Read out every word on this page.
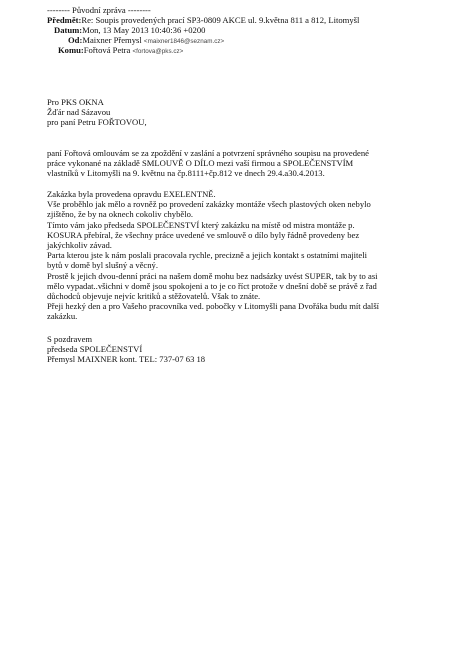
-------- Původní zpráva --------
Předmět:Re: Soupis provedených prací SP3-0809 AKCE ul. 9.května 811 a 812, Litomyšl
Datum:Mon, 13 May 2013 10:40:36 +0200
Od:Maixner Přemysl <maixner1846@seznam.cz>
Komu:Fořtová Petra <fortova@pks.cz>
Pro PKS OKNA
Žďár nad Sázavou
pro paní Petru FOŘTOVOU,
paní Fořtová omlouvám se za zpoždění v zaslání a potvrzení správného soupisu na provedené
práce vykonané na základě SMLOUVĚ O DÍLO mezi vaší firmou a SPOLEČENSTVÍM
vlastníků v Litomyšli na 9. květnu na čp.8111+čp.812 ve dnech 29.4.a30.4.2013.
Zakázka byla provedena opravdu EXELENTNĚ.
Vše proběhlo jak mělo a rovněž po provedení zakázky montáže všech plastových oken nebylo
zjištěno, že by na oknech cokoliv chybělo.
Tímto vám jako předseda SPOLEČENSTVÍ který zakázku na místě od mistra montáže p.
KOSURA přebíral, že všechny práce uvedené ve smlouvě o dílo byly řádně provedeny bez
jakýchkoliv závad.
Parta kterou jste k nám poslali pracovala rychle, precizně a jejich kontakt s ostatními majiteli
bytů v domě byl slušný a věcný.
Prostě k jejich dvou-denní práci na našem domě mohu bez nadsázky uvést SUPER, tak by to asi
mělo vypadat..všichni v domě jsou spokojeni a to je co říct protože v dnešní době se právě z řad
důchodců objevuje nejvíc kritiků a stěžovatelů. Však to znáte.
Přeji hezký den a pro Vašeho pracovníka ved. pobočky v Litomyšli pana Dvořáka budu mít další
zakázku.
S pozdravem
předseda SPOLEČENSTVÍ
Přemysl MAIXNER kont. TEL: 737-07 63 18
